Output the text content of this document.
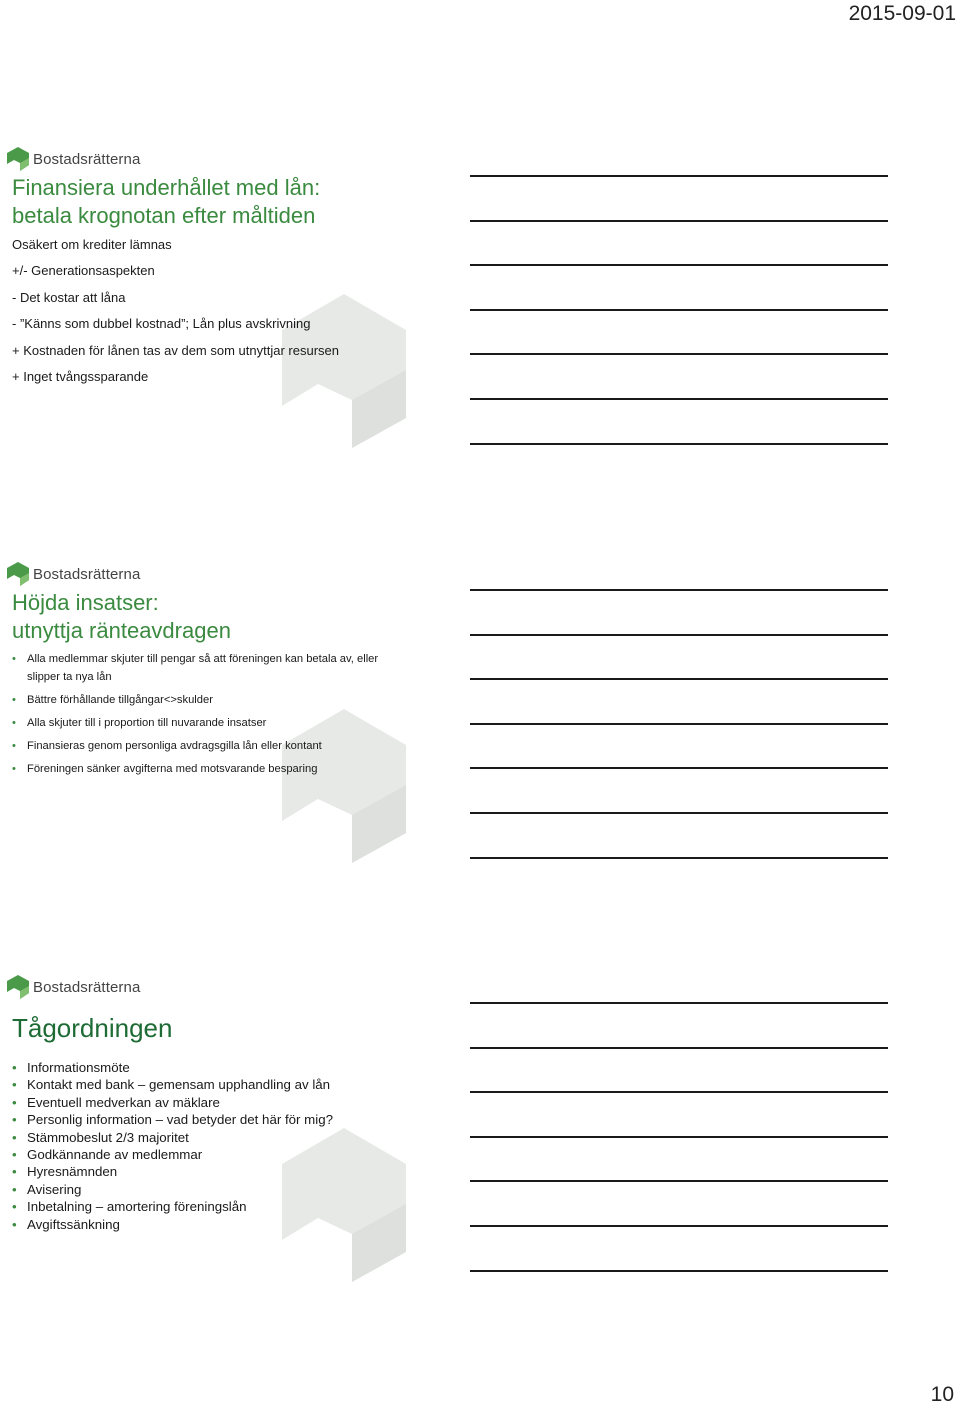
2015-09-01
Bostadsrätterna
Finansiera underhållet med lån:
betala krognotan efter måltiden
Osäkert om krediter lämnas
+/- Generationsaspekten
- Det kostar att låna
- ”Känns som dubbel kostnad”; Lån plus avskrivning
+ Kostnaden för lånen tas av dem som utnyttjar resursen
+ Inget tvångssparande
Bostadsrätterna
Höjda insatser:
utnyttja ränteavdragen
• Alla medlemmar skjuter till pengar så att föreningen kan betala av, eller slipper ta nya lån
• Bättre förhållande tillgångar<>skulder
• Alla skjuter till i proportion till nuvarande insatser
• Finansieras genom personliga avdragsgilla lån eller kontant
• Föreningen sänker avgifterna med motsvarande besparing
Bostadsrätterna
Tågordningen
• Informationsmöte
• Kontakt med bank – gemensam upphandling av lån
• Eventuell medverkan av mäklare
• Personlig information – vad betyder det här för mig?
• Stämmobeslut 2/3 majoritet
• Godkännande av medlemmar
• Hyresnämnden
• Avisering
• Inbetalning – amortering föreningslån
• Avgiftssänkning
10
